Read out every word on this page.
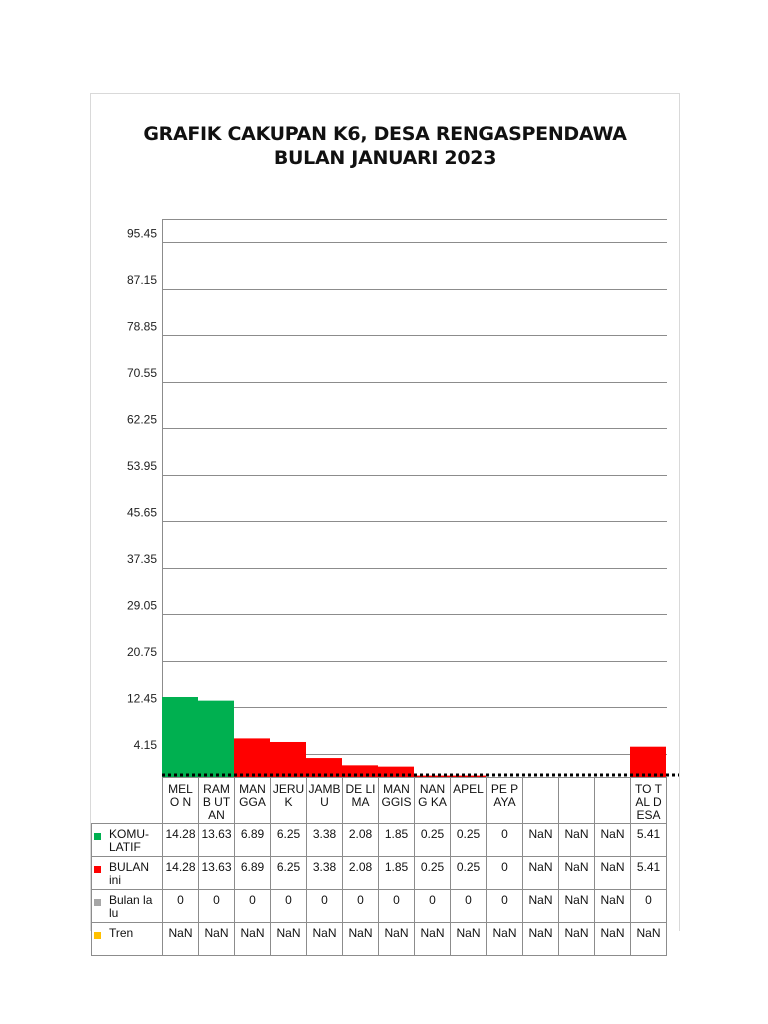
GRAFIK CAKUPAN K6, DESA RENGASPENDAWA
BULAN JANUARI 2023
4.15
12.45
20.75
29.05
37.35
45.65
53.95
62.25
70.55
78.85
87.15
95.45

	MELO N	RAMB UTAN	MAN GGA	JERUK	JAMB U	DE LIMA	MAN GGIS	NANG KA	APEL	PE PAYA				TO TAL DESA

KOMU-LATIF	14.28	13.63	6.89	6.25	3.38	2.08	1.85	0.25	0.25	0	NaN	NaN	NaN	5.41

BULAN ini	14.28	13.63	6.89	6.25	3.38	2.08	1.85	0.25	0.25	0	NaN	NaN	NaN	5.41

Bulan lalu	0	0	0	0	0	0	0	0	0	0	NaN	NaN	NaN	0

Tren	NaN	NaN	NaN	NaN	NaN	NaN	NaN	NaN	NaN	NaN	NaN	NaN	NaN	NaN
